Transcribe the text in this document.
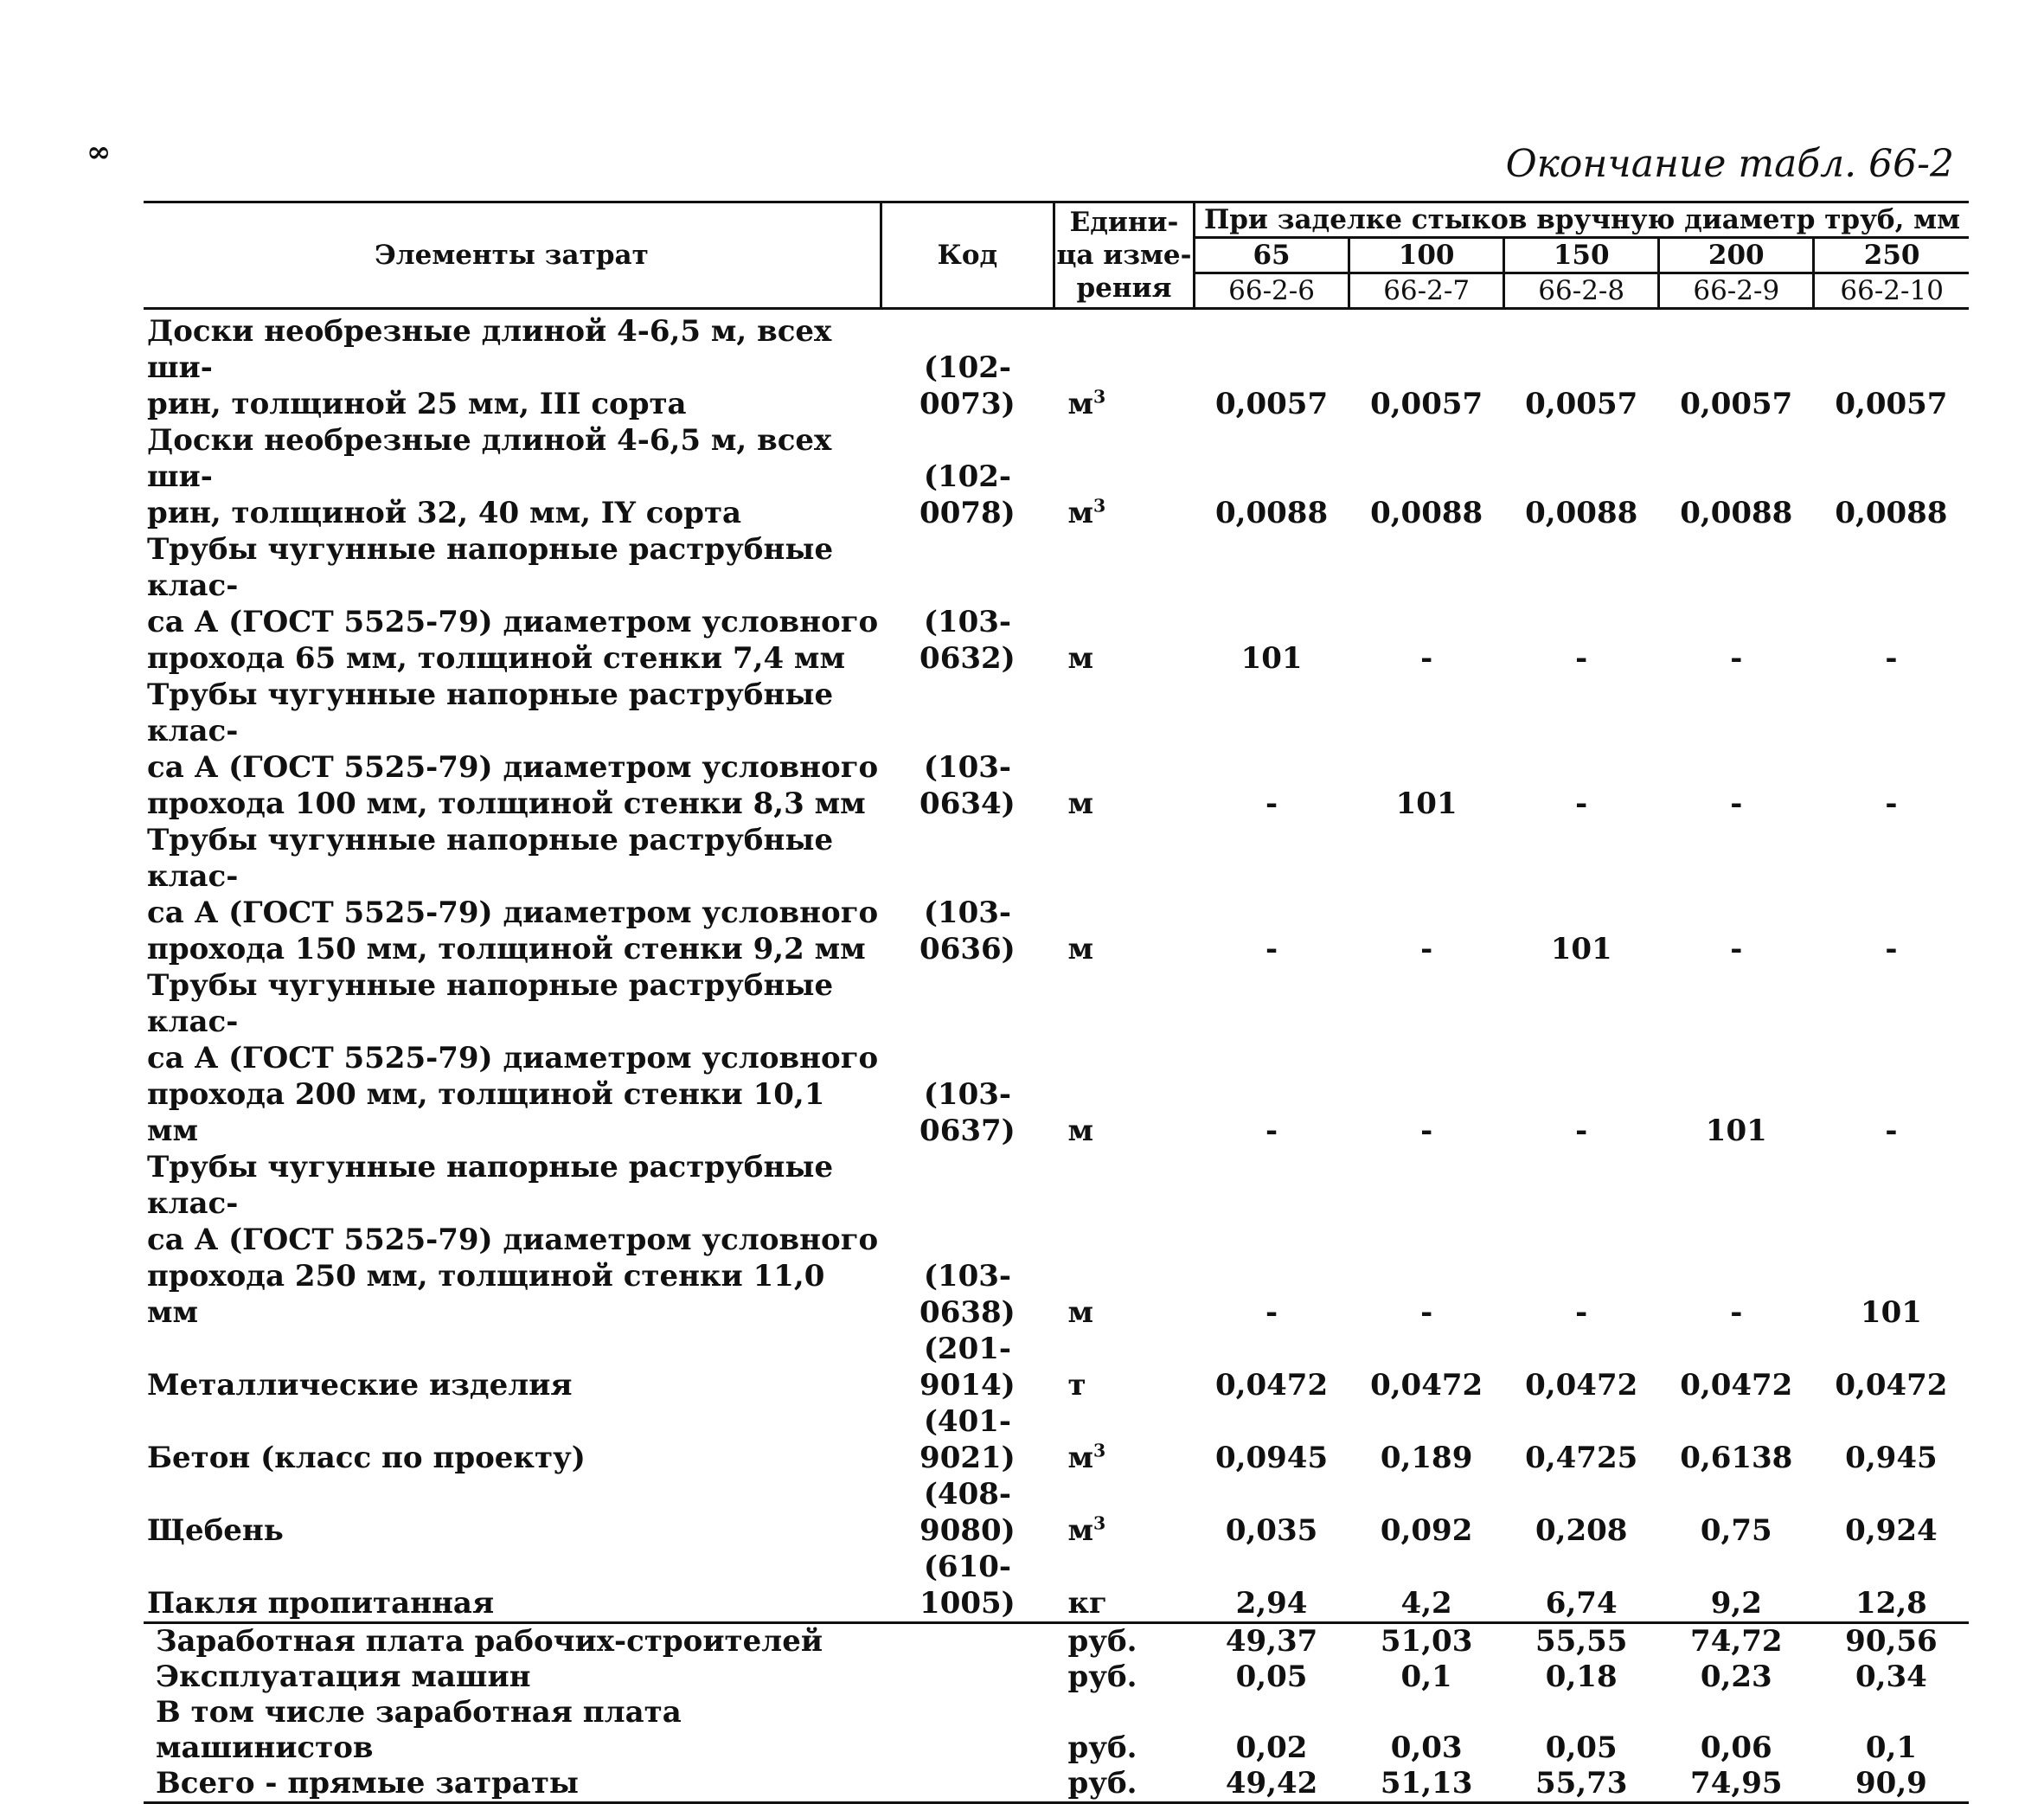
∞	Окончание табл. 66-2
Элементы затрат	Код	Едини-
ца изме-
рения	При заделке стыков вручную диаметр труб, мм				
			65	100	150	200	250
			66-2-6	66-2-7	66-2-8	66-2-9	66-2-10

Доски необрезные длиной 4-6,5 м, всех ши-
рин, толщиной 25 мм, III сорта	(102-0073)	$м^3$	0,0057	0,0057	0,0057	0,0057	0,0057

Доски необрезные длиной 4-6,5 м, всех ши-
рин, толщиной 32, 40 мм, IY сорта	(102-0078)	$м^3$	0,0088	0,0088	0,0088	0,0088	0,0088

Трубы чугунные напорные раструбные клас-
са А (ГОСТ 5525-79) диаметром условного
прохода 65 мм, толщиной стенки 7,4 мм	(103-0632)	м	101	-	-	-	-

Трубы чугунные напорные раструбные клас-
са А (ГОСТ 5525-79) диаметром условного
прохода 100 мм, толщиной стенки 8,3 мм	(103-0634)	м	-	101	-	-	-

Трубы чугунные напорные раструбные клас-
са А (ГОСТ 5525-79) диаметром условного
прохода 150 мм, толщиной стенки 9,2 мм	(103-0636)	м	-	-	101	-	-

Трубы чугунные напорные раструбные клас-
са А (ГОСТ 5525-79) диаметром условного
прохода 200 мм, толщиной стенки 10,1 мм	(103-0637)	м	-	-	-	101	-

Трубы чугунные напорные раструбные клас-
са А (ГОСТ 5525-79) диаметром условного
прохода 250 мм, толщиной стенки 11,0 мм	(103-0638)	м	-	-	-	-	101

Металлические изделия	(201-9014)	т	0,0472	0,0472	0,0472	0,0472	0,0472

Бетон (класс по проекту)	(401-9021)	$м^3$	0,0945	0,189	0,4725	0,6138	0,945

Щебень	(408-9080)	$м^3$	0,035	0,092	0,208	0,75	0,924

Пакля пропитанная	(610-1005)	кг	2,94	4,2	6,74	9,2	12,8
Заработная плата рабочих-строителей		руб.	49,37	51,03	55,55	74,72	90,56
Эксплуатация машин		руб.	0,05	0,1	0,18	0,23	0,34
В том числе заработная плата машинистов		руб.	0,02	0,03	0,05	0,06	0,1
Всего - прямые затраты		руб.	49,42	51,13	55,73	74,95	90,9
